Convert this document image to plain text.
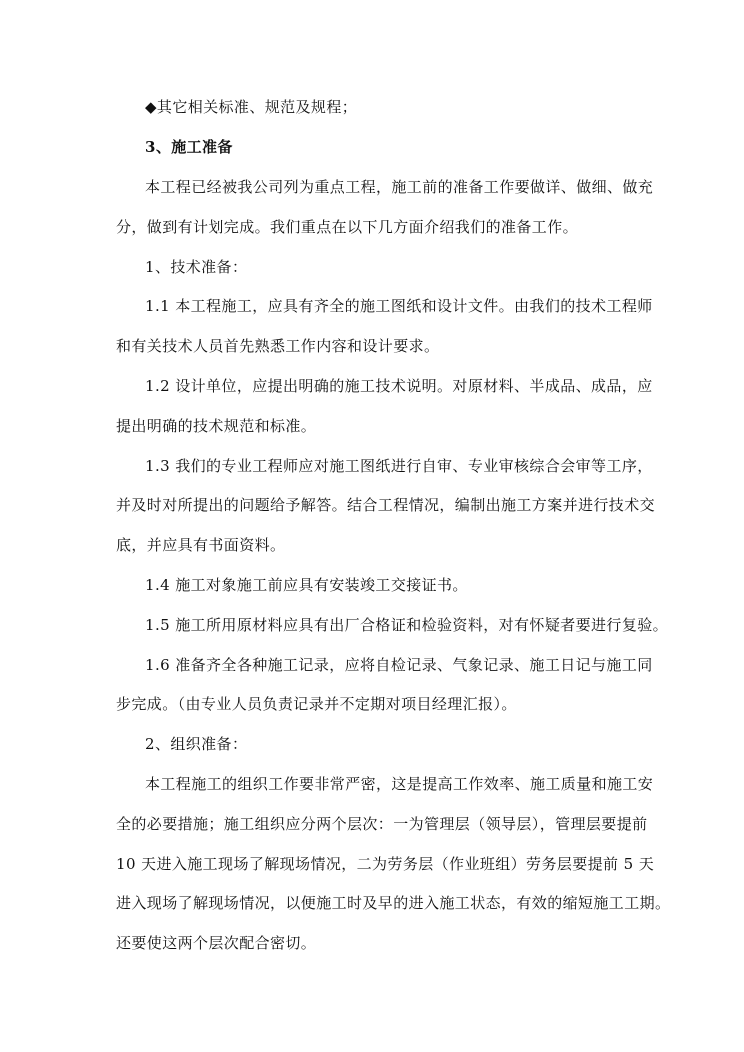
◆其它相关标准、规范及规程；
3、施工准备
本工程已经被我公司列为重点工程，施工前的准备工作要做详、做细、做充
分，做到有计划完成。我们重点在以下几方面介绍我们的准备工作。
1、技术准备：
1.1 本工程施工，应具有齐全的施工图纸和设计文件。由我们的技术工程师
和有关技术人员首先熟悉工作内容和设计要求。
1.2 设计单位，应提出明确的施工技术说明。对原材料、半成品、成品，应
提出明确的技术规范和标准。
1.3 我们的专业工程师应对施工图纸进行自审、专业审核综合会审等工序，
并及时对所提出的问题给予解答。结合工程情况，编制出施工方案并进行技术交
底，并应具有书面资料。
1.4 施工对象施工前应具有安装竣工交接证书。
1.5 施工所用原材料应具有出厂合格证和检验资料，对有怀疑者要进行复验。
1.6 准备齐全各种施工记录，应将自检记录、气象记录、施工日记与施工同
步完成。（由专业人员负责记录并不定期对项目经理汇报）。
2、组织准备：
本工程施工的组织工作要非常严密，这是提高工作效率、施工质量和施工安
全的必要措施；施工组织应分两个层次：一为管理层（领导层），管理层要提前
10 天进入施工现场了解现场情况，二为劳务层（作业班组）劳务层要提前 5 天
进入现场了解现场情况，以便施工时及早的进入施工状态，有效的缩短施工工期。
还要使这两个层次配合密切。
